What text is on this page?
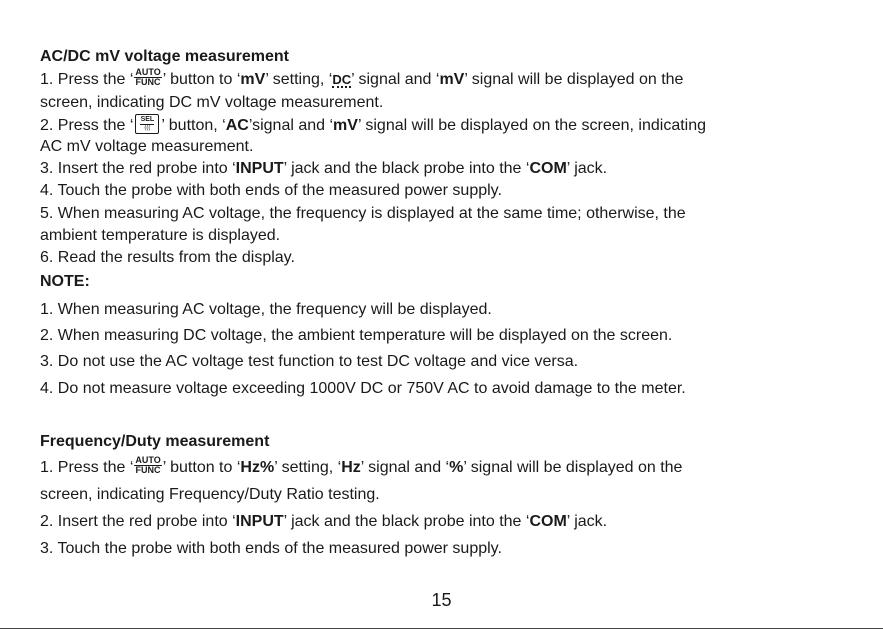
AC/DC mV voltage measurement
1. Press the ‘ AUTO
FUNC ’ button to ‘mV’ setting, ‘DC’ signal and ‘mV’ signal will be displayed on the
screen, indicating DC mV voltage measurement.
2. Press the ‘	SEL
((( ’ button, ‘AC’signal and ‘mV’ signal will be displayed on the screen, indicating
AC mV voltage measurement.
3. Insert the red probe into ‘INPUT’ jack and the black probe into the ‘COM’ jack.
4. Touch the probe with both ends of the measured power supply.
5. When measuring AC voltage, the frequency is displayed at the same time; otherwise, the
ambient temperature is displayed.
6. Read the results from the display.
NOTE:
1. When measuring AC voltage, the frequency will be displayed.
2. When measuring DC voltage, the ambient temperature will be displayed on the screen.
3. Do not use the AC voltage test function to test DC voltage and vice versa.
4. Do not measure voltage exceeding 1000V DC or 750V AC to avoid damage to the meter.
Frequency/Duty measurement
1. Press the ‘ AUTO
FUNC ’ button to ‘Hz%’ setting, ‘Hz’ signal and ‘%’ signal will be displayed on the
screen, indicating Frequency/Duty Ratio testing.
2. Insert the red probe into ‘INPUT’ jack and the black probe into the ‘COM’ jack.
3. Touch the probe with both ends of the measured power supply.
15
